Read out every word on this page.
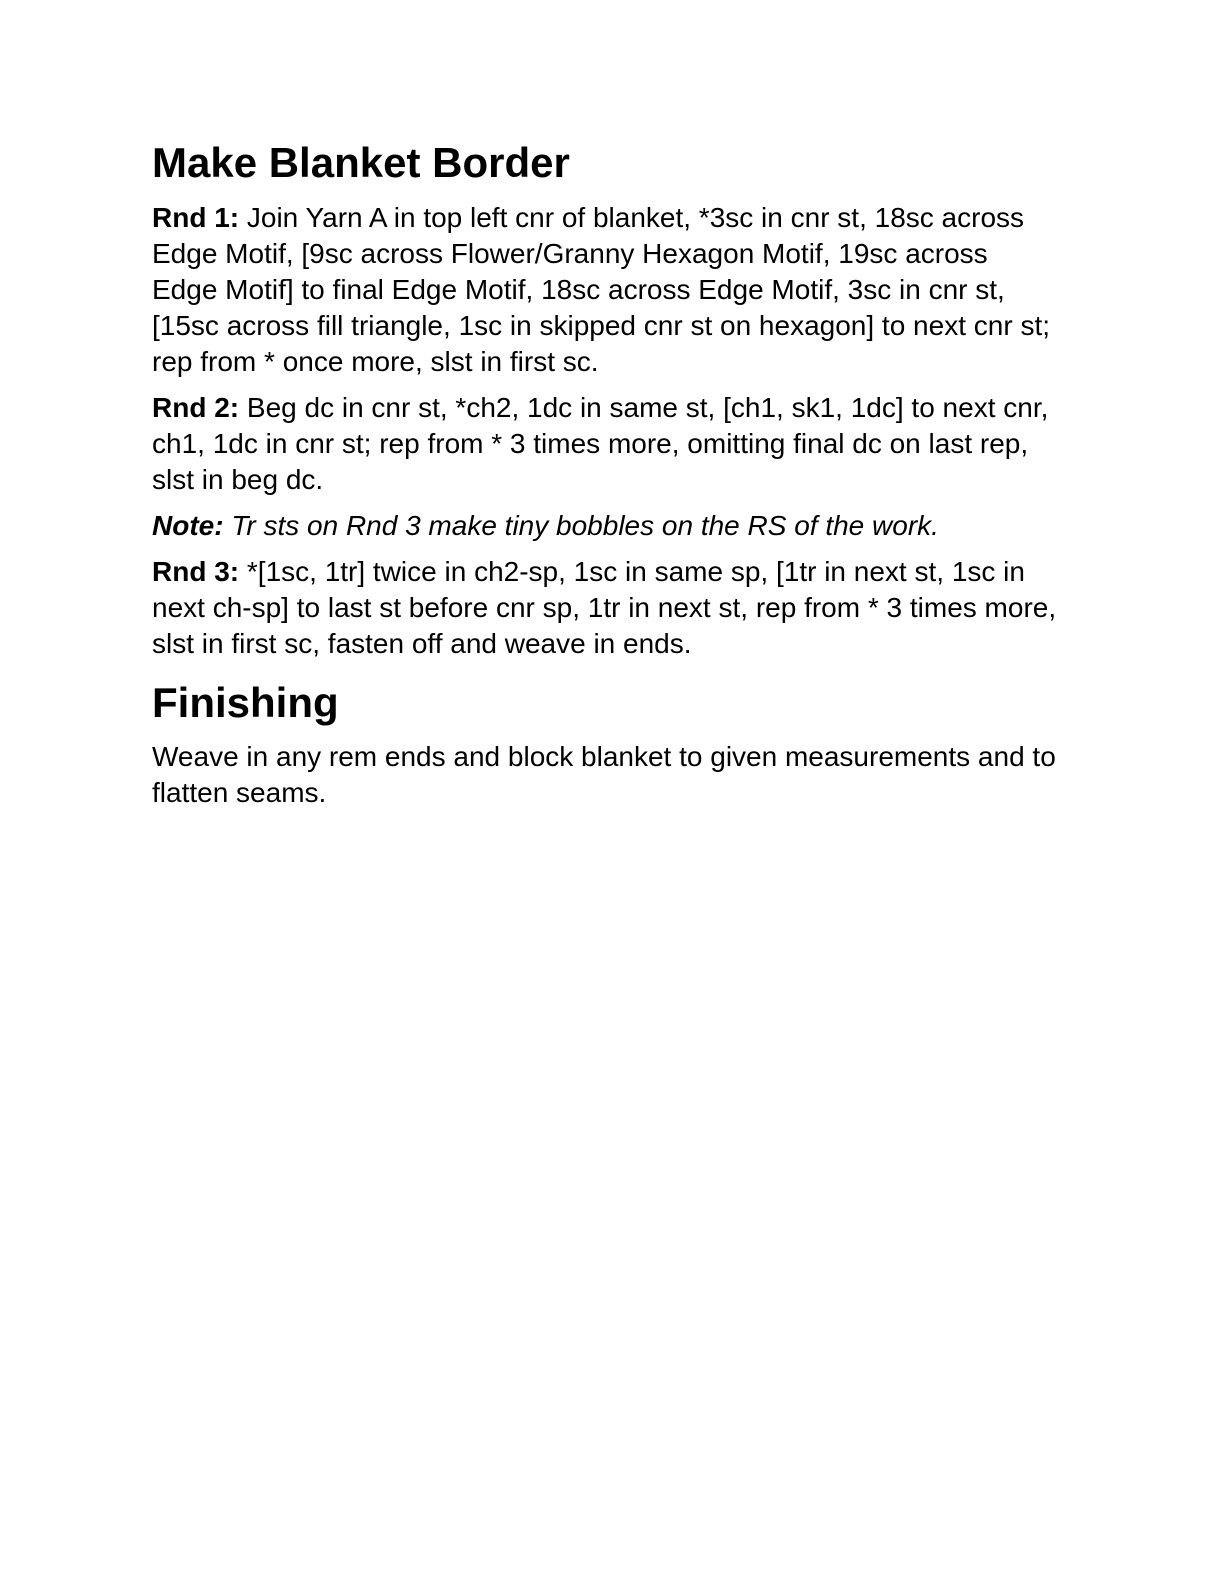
Make Blanket Border

Rnd 1: Join Yarn A in top left cnr of blanket, *3sc in cnr st, 18sc across Edge Motif, [9sc across Flower/Granny Hexagon Motif, 19sc across Edge Motif] to final Edge Motif, 18sc across Edge Motif, 3sc in cnr st, [15sc across fill triangle, 1sc in skipped cnr st on hexagon] to next cnr st; rep from * once more, slst in first sc.

Rnd 2: Beg dc in cnr st, *ch2, 1dc in same st, [ch1, sk1, 1dc] to next cnr, ch1, 1dc in cnr st; rep from * 3 times more, omitting final dc on last rep, slst in beg dc.

Note: Tr sts on Rnd 3 make tiny bobbles on the RS of the work.

Rnd 3: *[1sc, 1tr] twice in ch2-sp, 1sc in same sp, [1tr in next st, 1sc in next ch-sp] to last st before cnr sp, 1tr in next st, rep from * 3 times more, slst in first sc, fasten off and weave in ends.

Finishing

Weave in any rem ends and block blanket to given measurements and to flatten seams.
